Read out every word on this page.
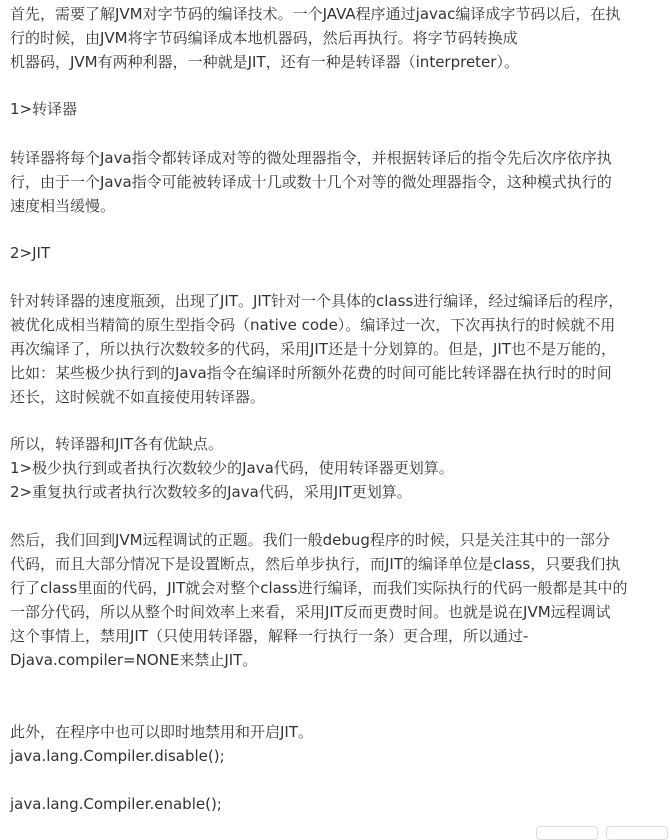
首先，需要了解JVM对字节码的编译技术。一个JAVA程序通过javac编译成字节码以后，在执
行的时候，由JVM将字节码编译成本地机器码，然后再执行。将字节码转换成
机器码，JVM有两种利器，一种就是JIT，还有一种是转译器（interpreter）。
1>转译器
转译器将每个Java指令都转译成对等的微处理器指令，并根据转译后的指令先后次序依序执
行，由于一个Java指令可能被转译成十几或数十几个对等的微处理器指令，这种模式执行的
速度相当缓慢。
2>JIT
针对转译器的速度瓶颈，出现了JIT。JIT针对一个具体的class进行编译，经过编译后的程序，
被优化成相当精简的原生型指令码（native code）。编译过一次，下次再执行的时候就不用
再次编译了，所以执行次数较多的代码，采用JIT还是十分划算的。但是，JIT也不是万能的，
比如：某些极少执行到的Java指令在编译时所额外花费的时间可能比转译器在执行时的时间
还长，这时候就不如直接使用转译器。
所以，转译器和JIT各有优缺点。
1>极少执行到或者执行次数较少的Java代码，使用转译器更划算。
2>重复执行或者执行次数较多的Java代码，采用JIT更划算。
然后，我们回到JVM远程调试的正题。我们一般debug程序的时候，只是关注其中的一部分
代码，而且大部分情况下是设置断点，然后单步执行，而JIT的编译单位是class，只要我们执
行了class里面的代码，JIT就会对整个class进行编译，而我们实际执行的代码一般都是其中的
一部分代码，所以从整个时间效率上来看，采用JIT反而更费时间。也就是说在JVM远程调试
这个事情上，禁用JIT（只使用转译器，解释一行执行一条）更合理，所以通过-
Djava.compiler=NONE来禁止JIT。
此外，在程序中也可以即时地禁用和开启JIT。
java.lang.Compiler.disable();
java.lang.Compiler.enable();
